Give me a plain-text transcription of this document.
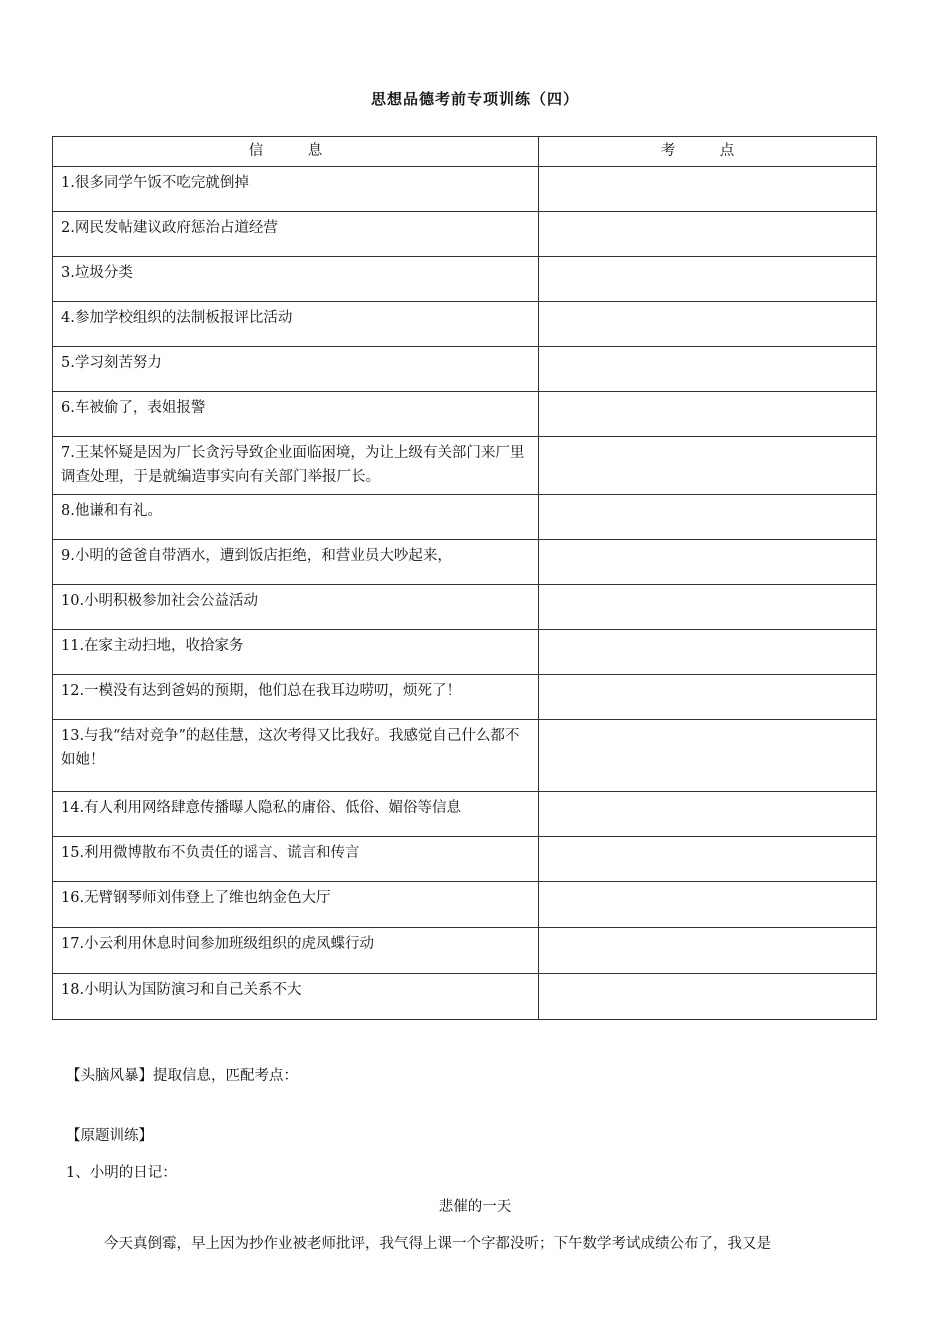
思想品德考前专项训练（四）
信 息	考 点
1.很多同学午饭不吃完就倒掉	
2.网民发帖建议政府惩治占道经营	
3.垃圾分类	
4.参加学校组织的法制板报评比活动	
5.学习刻苦努力	
6.车被偷了，表姐报警	
7.王某怀疑是因为厂长贪污导致企业面临困境，为让上级有关部门来厂里调查处理，于是就编造事实向有关部门举报厂长。	
8.他谦和有礼。	
9.小明的爸爸自带酒水，遭到饭店拒绝，和营业员大吵起来，	
10.小明积极参加社会公益活动	
11.在家主动扫地，收拾家务	
12.一模没有达到爸妈的预期，他们总在我耳边唠叨，烦死了！	
13.与我“结对竞争”的赵佳慧，这次考得又比我好。我感觉自己什么都不如她！	
14.有人利用网络肆意传播曝人隐私的庸俗、低俗、媚俗等信息	
15.利用微博散布不负责任的谣言、谎言和传言	
16.无臂钢琴师刘伟登上了维也纳金色大厅	
17.小云利用休息时间参加班级组织的虎凤蝶行动	
18.小明认为国防演习和自己关系不大	
【头脑风暴】提取信息，匹配考点：
【原题训练】
1、小明的日记：
悲催的一天
今天真倒霉，早上因为抄作业被老师批评，我气得上课一个字都没听；下午数学考试成绩公布了，我又是
